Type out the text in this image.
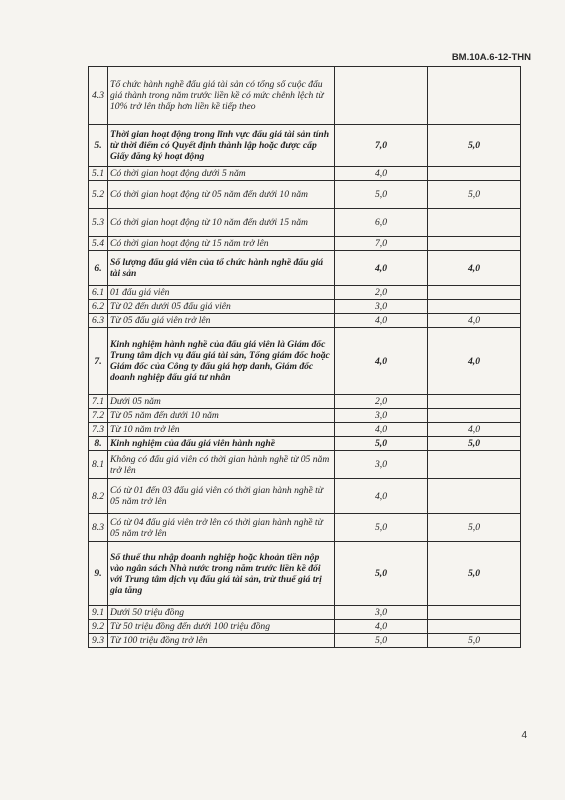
BM.10A.6-12-THN
4.3	Tổ chức hành nghề đấu giá tài sản có tổng số cuộc đấu giá thành trong năm trước liền kề có mức chênh lệch từ 10% trở lên thấp hơn liền kề tiếp theo		
5.	Thời gian hoạt động trong lĩnh vực đấu giá tài sản tính từ thời điểm có Quyết định thành lập hoặc được cấp Giấy đăng ký hoạt động	7,0	5,0
5.1	Có thời gian hoạt động dưới 5 năm	4,0	
5.2	Có thời gian hoạt động từ 05 năm đến dưới 10 năm	5,0	5,0
5.3	Có thời gian hoạt động từ 10 năm đến dưới 15 năm	6,0	
5.4	Có thời gian hoạt động từ 15 năm trở lên	7,0	
6.	Số lượng đấu giá viên của tổ chức hành nghề đấu giá tài sản	4,0	4,0
6.1	01 đấu giá viên	2,0	
6.2	Từ 02 đến dưới 05 đấu giá viên	3,0	
6.3	Từ 05 đấu giá viên trở lên	4,0	4,0
7.	Kinh nghiệm hành nghề của đấu giá viên là Giám đốc Trung tâm dịch vụ đấu giá tài sản, Tổng giám đốc hoặc Giám đốc của Công ty đấu giá hợp danh, Giám đốc doanh nghiệp đấu giá tư nhân	4,0	4,0
7.1	Dưới 05 năm	2,0	
7.2	Từ 05 năm đến dưới 10 năm	3,0	
7.3	Từ 10 năm trở lên	4,0	4,0
8.	Kinh nghiệm của đấu giá viên hành nghề	5,0	5,0
8.1	Không có đấu giá viên có thời gian hành nghề từ 05 năm trở lên	3,0	
8.2	Có từ 01 đến 03 đấu giá viên có thời gian hành nghề từ 05 năm trở lên	4,0	
8.3	Có từ 04 đấu giá viên trở lên có thời gian hành nghề từ 05 năm trở lên	5,0	5,0
9.	Số thuế thu nhập doanh nghiệp hoặc khoản tiền nộp vào ngân sách Nhà nước trong năm trước liền kề đối với Trung tâm dịch vụ đấu giá tài sản, trừ thuế giá trị gia tăng	5,0	5,0
9.1	Dưới 50 triệu đồng	3,0	
9.2	Từ 50 triệu đồng đến dưới 100 triệu đồng	4,0	
9.3	Từ 100 triệu đồng trở lên	5,0	5,0
4
